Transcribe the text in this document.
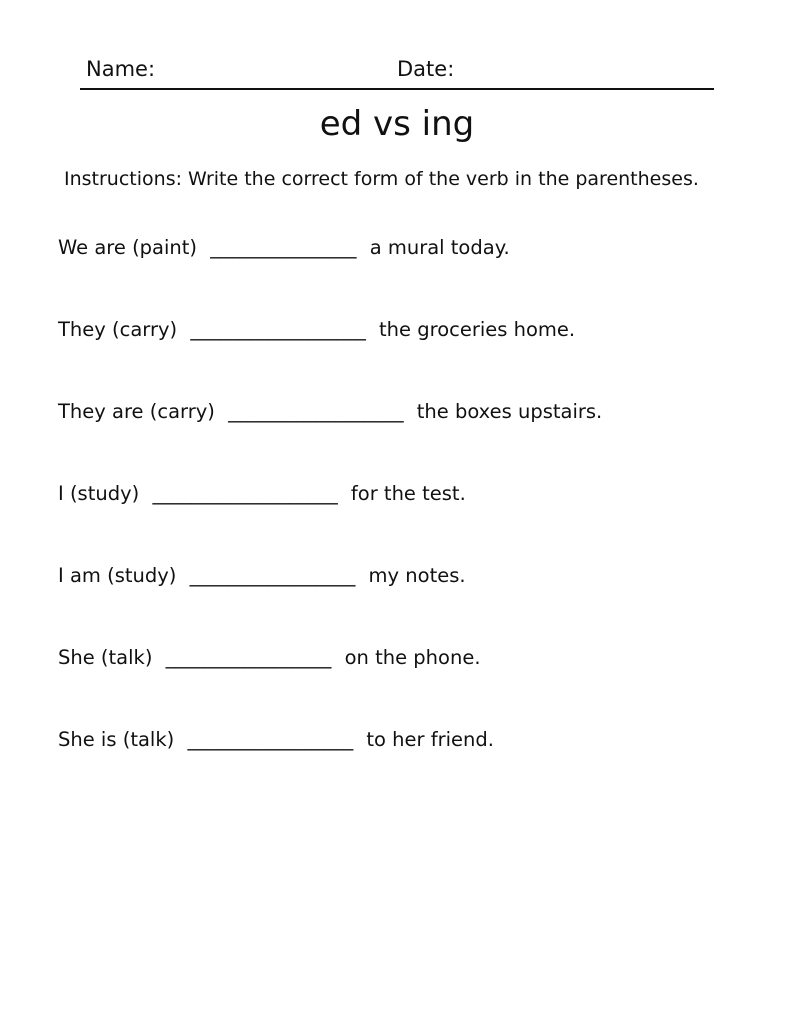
Name:	Date:
ed vs ing
Instructions: Write the correct form of the verb in the parentheses.
We are (paint) _______________ a mural today.
They (carry) __________________ the groceries home.
They are (carry) __________________ the boxes upstairs.
I (study) ___________________ for the test.
I am (study) _________________ my notes.
She (talk) _________________ on the phone.
She is (talk) _________________ to her friend.
